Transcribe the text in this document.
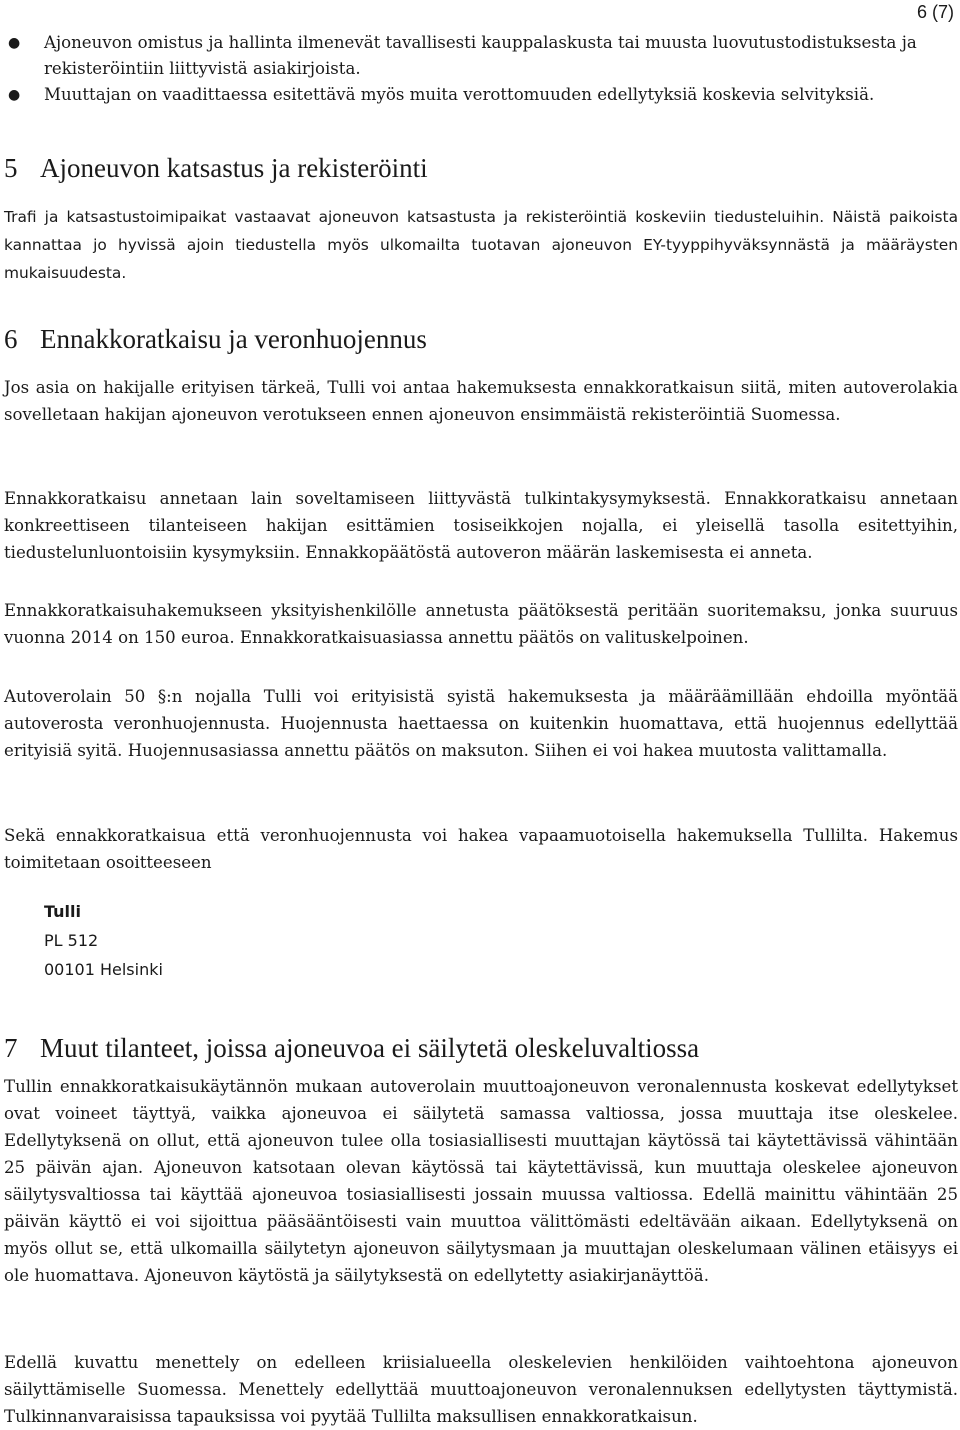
6 (7)
● Ajoneuvon omistus ja hallinta ilmenevät tavallisesti kauppalaskusta tai muusta luovutustodistuksesta ja rekisteröintiin liittyvistä asiakirjoista.
● Muuttajan on vaadittaessa esitettävä myös muita verottomuuden edellytyksiä koskevia selvityksiä.
5 Ajoneuvon katsastus ja rekisteröinti

Trafi ja katsastustoimipaikat vastaavat ajoneuvon katsastusta ja rekisteröintiä koskeviin tiedusteluihin. Näistä paikoista kannattaa jo hyvissä ajoin tiedustella myös ulkomailta tuotavan ajoneuvon EY-tyyppihyväksynnästä ja määräysten mukaisuudesta.

6 Ennakkoratkaisu ja veronhuojennus

Jos asia on hakijalle erityisen tärkeä, Tulli voi antaa hakemuksesta ennakkoratkaisun siitä, miten autoverolakia sovelletaan hakijan ajoneuvon verotukseen ennen ajoneuvon ensimmäistä rekisteröintiä Suomessa.

Ennakkoratkaisu annetaan lain soveltamiseen liittyvästä tulkintakysymyksestä. Ennakkoratkaisu annetaan konkreettiseen tilanteiseen hakijan esittämien tosiseikkojen nojalla, ei yleisellä tasolla esitettyihin, tiedustelunluontoisiin kysymyksiin. Ennakkopäätöstä autoveron määrän laskemisesta ei anneta.

Ennakkoratkaisuhakemukseen yksityishenkilölle annetusta päätöksestä peritään suoritemaksu, jonka suuruus vuonna 2014 on 150 euroa. Ennakkoratkaisuasiassa annettu päätös on valituskelpoinen.

Autoverolain 50 §:n nojalla Tulli voi erityisistä syistä hakemuksesta ja määräämillään ehdoilla myöntää autoverosta veronhuojennusta. Huojennusta haettaessa on kuitenkin huomattava, että huojennus edellyttää erityisiä syitä. Huojennusasiassa annettu päätös on maksuton. Siihen ei voi hakea muutosta valittamalla.

Sekä ennakkoratkaisua että veronhuojennusta voi hakea vapaamuotoisella hakemuksella Tullilta. Hakemus toimitetaan osoitteeseen

Tulli
PL 512
00101 Helsinki
7 Muut tilanteet, joissa ajoneuvoa ei säilytetä oleskeluvaltiossa

Tullin ennakkoratkaisukäytännön mukaan autoverolain muuttoajoneuvon veronalennusta koskevat edellytykset ovat voineet täyttyä, vaikka ajoneuvoa ei säilytetä samassa valtiossa, jossa muuttaja itse oleskelee. Edellytyksenä on ollut, että ajoneuvon tulee olla tosiasiallisesti muuttajan käytössä tai käytettävissä vähintään 25 päivän ajan. Ajoneuvon katsotaan olevan käytössä tai käytettävissä, kun muuttaja oleskelee ajoneuvon säilytysvaltiossa tai käyttää ajoneuvoa tosiasiallisesti jossain muussa valtiossa. Edellä mainittu vähintään 25 päivän käyttö ei voi sijoittua pääsääntöisesti vain muuttoa välittömästi edeltävään aikaan. Edellytyksenä on myös ollut se, että ulkomailla säilytetyn ajoneuvon säilytysmaan ja muuttajan oleskelumaan välinen etäisyys ei ole huomattava. Ajoneuvon käytöstä ja säilytyksestä on edellytetty asiakirjanäyttöä.

Edellä kuvattu menettely on edelleen kriisialueella oleskelevien henkilöiden vaihtoehtona ajoneuvon säilyttämiselle Suomessa. Menettely edellyttää muuttoajoneuvon veronalennuksen edellytysten täyttymistä. Tulkinnanvaraisissa tapauksissa voi pyytää Tullilta maksullisen ennakkoratkaisun.
